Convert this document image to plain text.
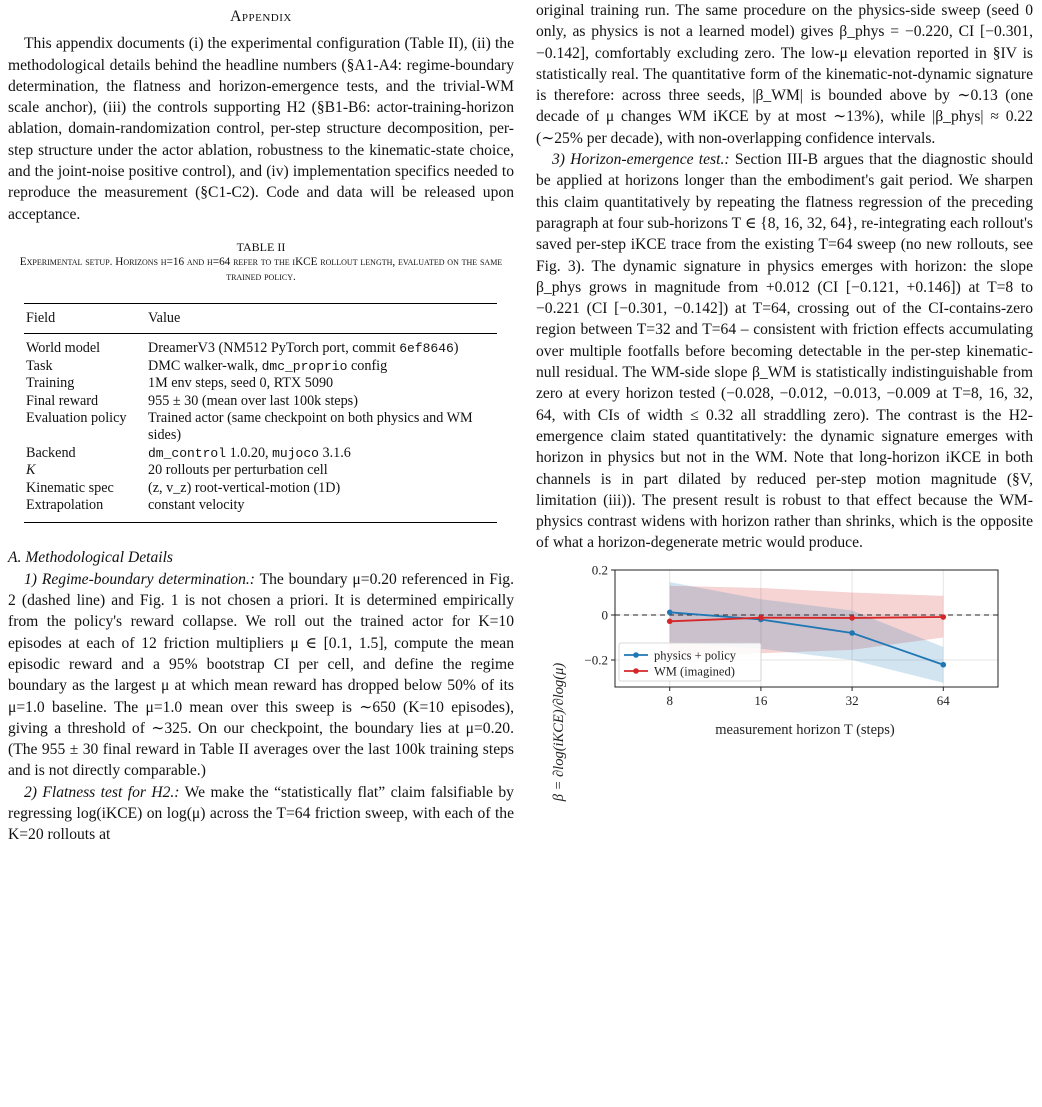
Appendix

This appendix documents (i) the experimental configuration (Table II), (ii) the methodological details behind the headline numbers (§A1-A4: regime-boundary determination, the flatness and horizon-emergence tests, and the trivial-WM scale anchor), (iii) the controls supporting H2 (§B1-B6: actor-training-horizon ablation, domain-randomization control, per-step structure decomposition, per-step structure under the actor ablation, robustness to the kinematic-state choice, and the joint-noise positive control), and (iv) implementation specifics needed to reproduce the measurement (§C1-C2). Code and data will be released upon acceptance.

TABLE II
Experimental setup. Horizons h=16 and h=64 refer to the iKCE rollout length, evaluated on the same trained policy.
Field	Value
World model	DreamerV3 (NM512 PyTorch port, commit 6ef8646)
Task	DMC walker-walk, dmc_proprio config
Training	1M env steps, seed 0, RTX 5090
Final reward	955 ± 30 (mean over last 100k steps)
Evaluation policy	Trained actor (same checkpoint on both physics and WM sides)
Backend	dm_control 1.0.20, mujoco 3.1.6
K	20 rollouts per perturbation cell
Kinematic spec	(z, v_z) root-vertical-motion (1D)
Extrapolation	constant velocity

A. Methodological Details

1) Regime-boundary determination.: The boundary μ=0.20 referenced in Fig. 2 (dashed line) and Fig. 1 is not chosen a priori. It is determined empirically from the policy's reward collapse. We roll out the trained actor for K=10 episodes at each of 12 friction multipliers μ ∈ [0.1, 1.5], compute the mean episodic reward and a 95% bootstrap CI per cell, and define the regime boundary as the largest μ at which mean reward has dropped below 50% of its μ=1.0 baseline. The μ=1.0 mean over this sweep is ∼650 (K=10 episodes), giving a threshold of ∼325. On our checkpoint, the boundary lies at μ=0.20. (The 955 ± 30 final reward in Table II averages over the last 100k training steps and is not directly comparable.)

2) Flatness test for H2.: We make the “statistically flat” claim falsifiable by regressing log(iKCE) on log(μ) across the T=64 friction sweep, with each of the K=20 rollouts at

original training run. The same procedure on the physics-side sweep (seed 0 only, as physics is not a learned model) gives β_phys = −0.220, CI [−0.301, −0.142], comfortably excluding zero. The low-μ elevation reported in §IV is statistically real. The quantitative form of the kinematic-not-dynamic signature is therefore: across three seeds, |β_WM| is bounded above by ∼0.13 (one decade of μ changes WM iKCE by at most ∼13%), while |β_phys| ≈ 0.22 (∼25% per decade), with non-overlapping confidence intervals.

3) Horizon-emergence test.: Section III-B argues that the diagnostic should be applied at horizons longer than the embodiment's gait period. We sharpen this claim quantitatively by repeating the flatness regression of the preceding paragraph at four sub-horizons T ∈ {8, 16, 32, 64}, re-integrating each rollout's saved per-step iKCE trace from the existing T=64 sweep (no new rollouts, see Fig. 3). The dynamic signature in physics emerges with horizon: the slope β_phys grows in magnitude from +0.012 (CI [−0.121, +0.146]) at T=8 to −0.221 (CI [−0.301, −0.142]) at T=64, crossing out of the CI-contains-zero region between T=32 and T=64 – consistent with friction effects accumulating over multiple footfalls before becoming detectable in the per-step kinematic-null residual. The WM-side slope β_WM is statistically indistinguishable from zero at every horizon tested (−0.028, −0.012, −0.013, −0.009 at T=8, 16, 32, 64, with CIs of width ≤ 0.32 all straddling zero). The contrast is the H2-emergence claim stated quantitatively: the dynamic signature emerges with horizon in physics but not in the WM. Note that long-horizon iKCE in both channels is in part dilated by reduced per-step motion magnitude (§V, limitation (iii)). The present result is robust to that effect because the WM-physics contrast widens with horizon rather than shrinks, which is the opposite of what a horizon-degenerate metric would produce.

8	16	32	64
0.2
0
−0.2	physics + policy
WM (imagined)
β = ∂log(iKCE)/∂log(μ)	measurement horizon T (steps)
